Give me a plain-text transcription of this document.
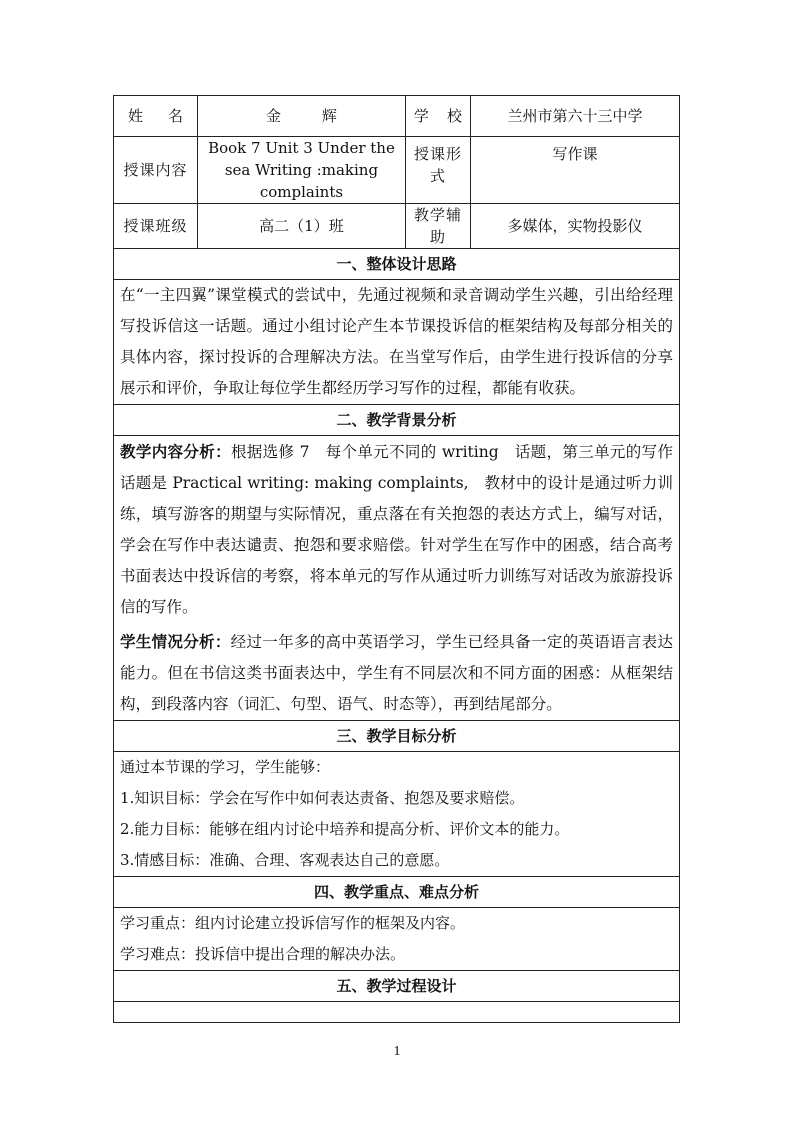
姓 名	金 辉	学 校	兰州市第六十三中学
授课内容	Book 7 Unit 3 Under the sea Writing :making complaints	授课形式	写作课
授课班级	高二（1）班	教学辅助	多媒体，实物投影仪
一、整体设计思路			

在“一主四翼”课堂模式的尝试中，先通过视频和录音调动学生兴趣，引出给经理写投诉信这一话题。通过小组讨论产生本节课投诉信的框架结构及每部分相关的具体内容，探讨投诉的合理解决方法。在当堂写作后，由学生进行投诉信的分享展示和评价，争取让每位学生都经历学习写作的过程，都能有收获。			

二、教学背景分析			

教学内容分析：根据选修 7　每个单元不同的 writing　话题，第三单元的写作话题是 Practical writing: making complaints,　教材中的设计是通过听力训练，填写游客的期望与实际情况，重点落在有关抱怨的表达方式上，编写对话，学会在写作中表达谴责、抱怨和要求赔偿。针对学生在写作中的困惑，结合高考书面表达中投诉信的考察，将本单元的写作从通过听力训练写对话改为旅游投诉信的写作。

学生情况分析：经过一年多的高中英语学习，学生已经具备一定的英语语言表达能力。但在书信这类书面表达中，学生有不同层次和不同方面的困惑：从框架结构，到段落内容（词汇、句型、语气、时态等），再到结尾部分。			

三、教学目标分析			

通过本节课的学习，学生能够：

1.知识目标：学会在写作中如何表达责备、抱怨及要求赔偿。

2.能力目标：能够在组内讨论中培养和提高分析、评价文本的能力。

3.情感目标：准确、合理、客观表达自己的意愿。			

四、教学重点、难点分析			

学习重点：组内讨论建立投诉信写作的框架及内容。

学习难点：投诉信中提出合理的解决办法。			

五、教学过程设计			

1
